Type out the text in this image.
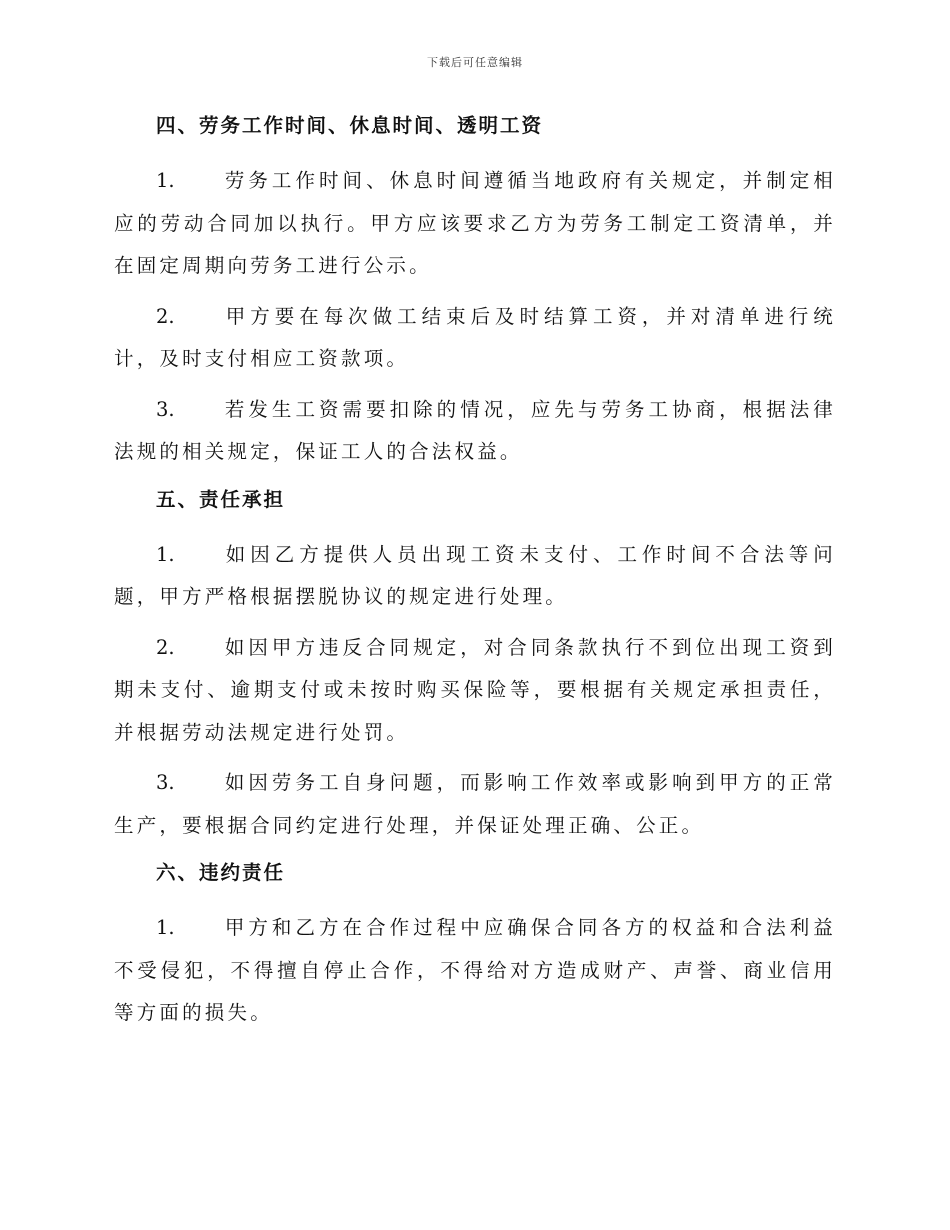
下载后可任意编辑
四、劳务工作时间、休息时间、透明工资

1.	劳务工作时间、休息时间遵循当地政府有关规定，并制定相应的劳动合同加以执行。甲方应该要求乙方为劳务工制定工资清单，并在固定周期向劳务工进行公示。

2.	甲方要在每次做工结束后及时结算工资，并对清单进行统计，及时支付相应工资款项。

3.	若发生工资需要扣除的情况，应先与劳务工协商，根据法律法规的相关规定，保证工人的合法权益。

五、责任承担

1.	如因乙方提供人员出现工资未支付、工作时间不合法等问题，甲方严格根据摆脱协议的规定进行处理。

2.	如因甲方违反合同规定，对合同条款执行不到位出现工资到期未支付、逾期支付或未按时购买保险等，要根据有关规定承担责任，并根据劳动法规定进行处罚。

3.	如因劳务工自身问题，而影响工作效率或影响到甲方的正常生产，要根据合同约定进行处理，并保证处理正确、公正。

六、违约责任

1.	甲方和乙方在合作过程中应确保合同各方的权益和合法利益不受侵犯，不得擅自停止合作，不得给对方造成财产、声誉、商业信用等方面的损失。
